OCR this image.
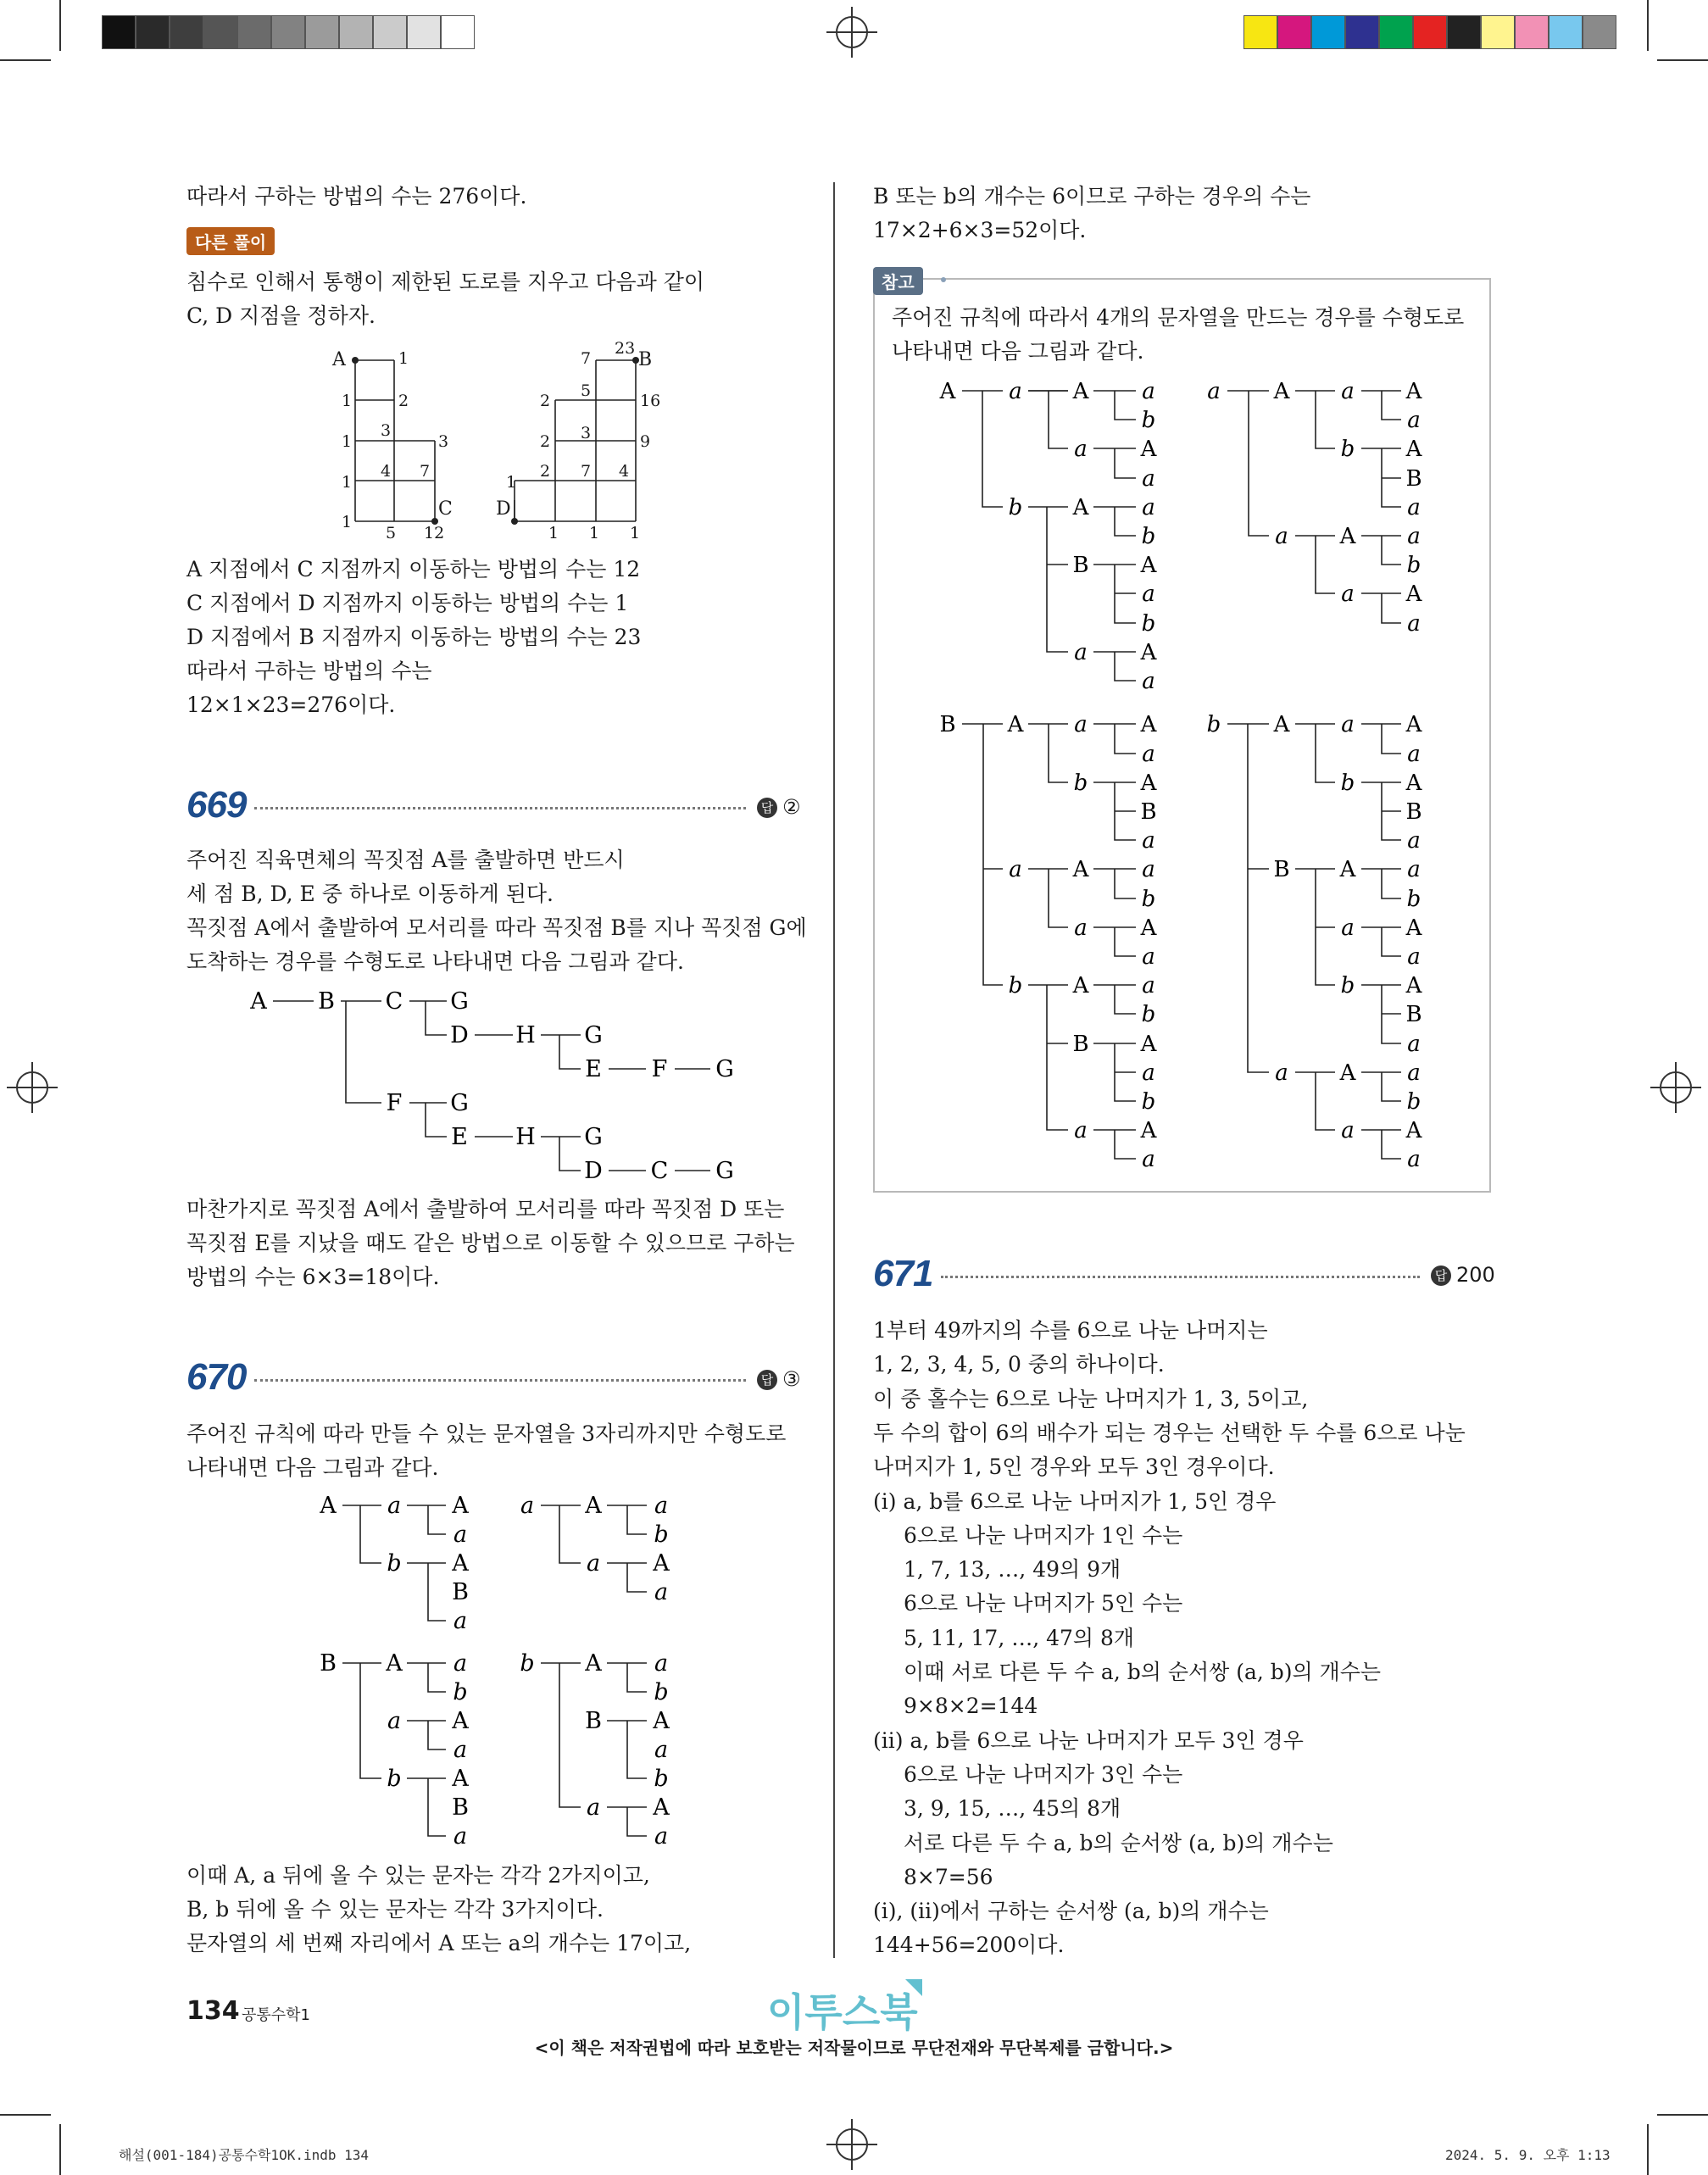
따라서 구하는 방법의 수는 276이다.
다른 풀이
침수로 인해서 통행이 제한된 도로를 지우고 다음과 같이
C, D 지점을 정하자.
A	B
C D
1
1
1
1
1
2
3
3
4 7
5 12
1
2
2
2
7
5
3
7 4
23
16
9
1 1 1
A 지점에서 C 지점까지 이동하는 방법의 수는 12
C 지점에서 D 지점까지 이동하는 방법의 수는 1
D 지점에서 B 지점까지 이동하는 방법의 수는 23
따라서 구하는 방법의 수는
12×1×23=276이다.
669	답 ②
주어진 직육면체의 꼭짓점 A를 출발하면 반드시
세 점 B, D, E 중 하나로 이동하게 된다.
꼭짓점 A에서 출발하여 모서리를 따라 꼭짓점 B를 지나 꼭짓점 G에
도착하는 경우를 수형도로 나타내면 다음 그림과 같다.
A B C G
D H G
E F G
F G
E H G
D C G
마찬가지로 꼭짓점 A에서 출발하여 모서리를 따라 꼭짓점 D 또는
꼭짓점 E를 지났을 때도 같은 방법으로 이동할 수 있으므로 구하는
방법의 수는 6×3=18이다.
670	답 ③
주어진 규칙에 따라 만들 수 있는 문자열을 3자리까지만 수형도로
나타내면 다음 그림과 같다.
A a A
a
b A
B
a
a A a
b
a A
a
B A a
b
a A
a
b A
B
a
b A a
b
B A
a
b
a A
a
이때 A, a 뒤에 올 수 있는 문자는 각각 2가지이고,
B, b 뒤에 올 수 있는 문자는 각각 3가지이다.
문자열의 세 번째 자리에서 A 또는 a의 개수는 17이고,
B 또는 b의 개수는 6이므로 구하는 경우의 수는
17×2+6×3=52이다.
참고
주어진 규칙에 따라서 4개의 문자열을 만드는 경우를 수형도로
나타내면 다음 그림과 같다.
A a A a
b
a A
a
b A a
b
B A
a
b
a A
a
a A a A
a
b A
B
a
a A a
b
a A
a
B A a A
a
b A
B
a
a A a
b
a A
a
b A a
b
B A
a
b
a A
a
b A a A
a
b A
B
a
B A a
b
a A
a
b A
B
a
a A a
b
a A
a
671	답 200
1부터 49까지의 수를 6으로 나눈 나머지는
1, 2, 3, 4, 5, 0 중의 하나이다.
이 중 홀수는 6으로 나눈 나머지가 1, 3, 5이고,
두 수의 합이 6의 배수가 되는 경우는 선택한 두 수를 6으로 나눈
나머지가 1, 5인 경우와 모두 3인 경우이다.
(ⅰ) a, b를 6으로 나눈 나머지가 1, 5인 경우
6으로 나눈 나머지가 1인 수는
1, 7, 13, …, 49의 9개
6으로 나눈 나머지가 5인 수는
5, 11, 17, …, 47의 8개
이때 서로 다른 두 수 a, b의 순서쌍 (a, b)의 개수는
9×8×2=144
(ⅱ) a, b를 6으로 나눈 나머지가 모두 3인 경우
6으로 나눈 나머지가 3인 수는
3, 9, 15, …, 45의 8개
서로 다른 두 수 a, b의 순서쌍 (a, b)의 개수는
8×7=56
(ⅰ), (ⅱ)에서 구하는 순서쌍 (a, b)의 개수는
144+56=200이다.
134 공통수학1	이투스북
<이 책은 저작권법에 따라 보호받는 저작물이므로 무단전재와 무단복제를 금합니다.>
해설(001-184)공통수학1OK.indb 134	2024. 5. 9. 오후 1:13
